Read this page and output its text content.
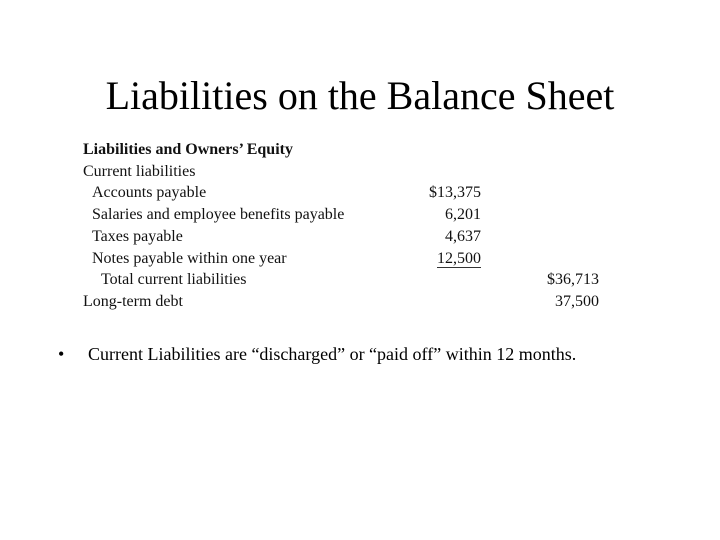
Liabilities on the Balance Sheet
Liabilities and Owners’ Equity
Current liabilities
Accounts payable	$13,375
Salaries and employee benefits payable	6,201
Taxes payable	4,637
Notes payable within one year	12,500
Total current liabilities	$36,713
Long-term debt	37,500
• Current Liabilities are “discharged” or “paid off” within 12 months.
